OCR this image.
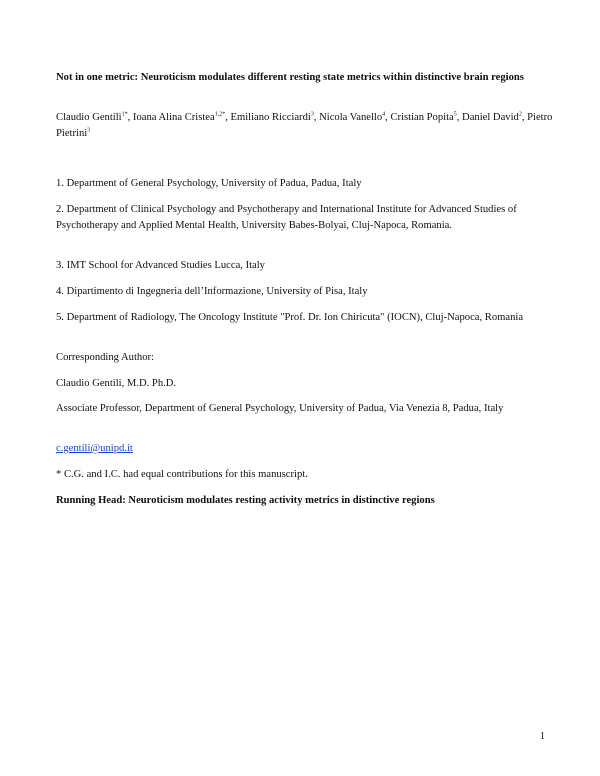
Not in one metric: Neuroticism modulates different resting state metrics within distinctive brain regions
Claudio Gentili$^{1*}$, Ioana Alina Cristea$^{1,2*}$, Emiliano Ricciardi$^3$, Nicola Vanello$^4$, Cristian Popita$^5$, Daniel David$^2$, Pietro Pietrini$^3$
1. Department of General Psychology, University of Padua, Padua, Italy
2. Department of Clinical Psychology and Psychotherapy and International Institute for Advanced Studies of Psychotherapy and Applied Mental Health, University Babes-Bolyai, Cluj-Napoca, Romania.
3. IMT School for Advanced Studies Lucca, Italy
4. Dipartimento di Ingegneria dell’Informazione, University of Pisa, Italy
5. Department of Radiology, The Oncology Institute "Prof. Dr. Ion Chiricuta" (IOCN), Cluj-Napoca, Romania
Corresponding Author:
Claudio Gentili, M.D. Ph.D.
Associate Professor, Department of General Psychology, University of Padua, Via Venezia 8, Padua, Italy
c.gentili@unipd.it
* C.G. and I.C. had equal contributions for this manuscript.
Running Head: Neuroticism modulates resting activity metrics in distinctive regions
1
